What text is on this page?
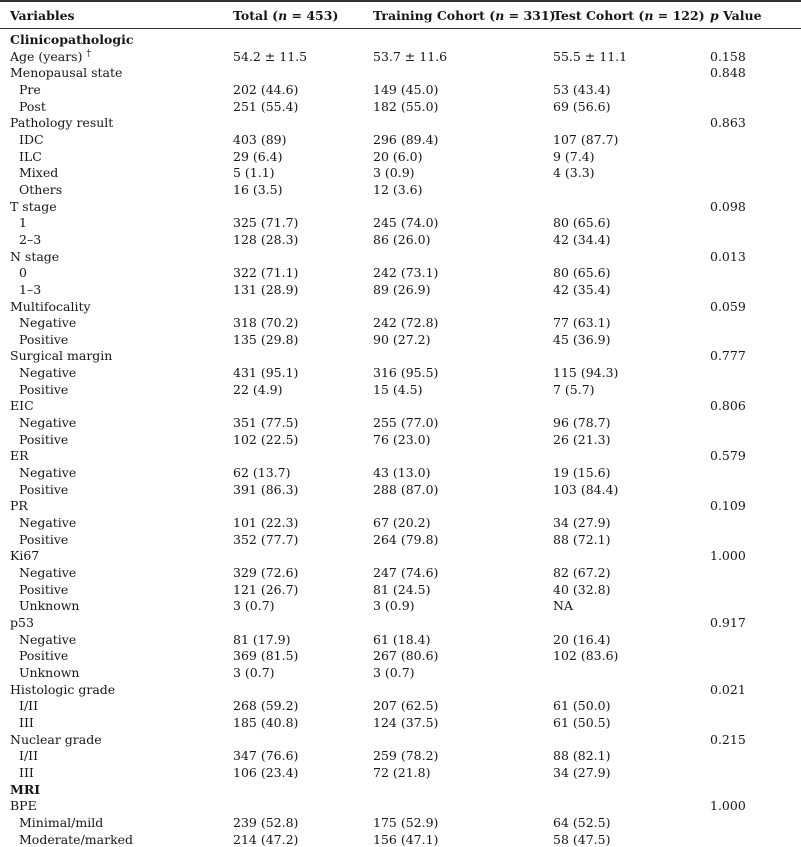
Variables	Total (n = 453)	Training Cohort (n = 331)	Test Cohort (n = 122)	p Value
Clinicopathologic				
Age (years) †	54.2 ± 11.5	53.7 ± 11.6	55.5 ± 11.1	0.158
Menopausal state				0.848
Pre	202 (44.6)	149 (45.0)	53 (43.4)	
Post	251 (55.4)	182 (55.0)	69 (56.6)	
Pathology result				0.863
IDC	403 (89)	296 (89.4)	107 (87.7)	
ILC	29 (6.4)	20 (6.0)	9 (7.4)	
Mixed	5 (1.1)	3 (0.9)	4 (3.3)	
Others	16 (3.5)	12 (3.6)		
T stage				0.098
1	325 (71.7)	245 (74.0)	80 (65.6)	
2–3	128 (28.3)	86 (26.0)	42 (34.4)	
N stage				0.013
0	322 (71.1)	242 (73.1)	80 (65.6)	
1–3	131 (28.9)	89 (26.9)	42 (35.4)	
Multifocality				0.059
Negative	318 (70.2)	242 (72.8)	77 (63.1)	
Positive	135 (29.8)	90 (27.2)	45 (36.9)	
Surgical margin				0.777
Negative	431 (95.1)	316 (95.5)	115 (94.3)	
Positive	22 (4.9)	15 (4.5)	7 (5.7)	
EIC				0.806
Negative	351 (77.5)	255 (77.0)	96 (78.7)	
Positive	102 (22.5)	76 (23.0)	26 (21.3)	
ER				0.579
Negative	62 (13.7)	43 (13.0)	19 (15.6)	
Positive	391 (86.3)	288 (87.0)	103 (84.4)	
PR				0.109
Negative	101 (22.3)	67 (20.2)	34 (27.9)	
Positive	352 (77.7)	264 (79.8)	88 (72.1)	
Ki67				1.000
Negative	329 (72.6)	247 (74.6)	82 (67.2)	
Positive	121 (26.7)	81 (24.5)	40 (32.8)	
Unknown	3 (0.7)	3 (0.9)	NA	
p53				0.917
Negative	81 (17.9)	61 (18.4)	20 (16.4)	
Positive	369 (81.5)	267 (80.6)	102 (83.6)	
Unknown	3 (0.7)	3 (0.7)		
Histologic grade				0.021
I/II	268 (59.2)	207 (62.5)	61 (50.0)	
III	185 (40.8)	124 (37.5)	61 (50.5)	
Nuclear grade				0.215
I/II	347 (76.6)	259 (78.2)	88 (82.1)	
III	106 (23.4)	72 (21.8)	34 (27.9)	
MRI				
BPE				1.000
Minimal/mild	239 (52.8)	175 (52.9)	64 (52.5)	
Moderate/marked	214 (47.2)	156 (47.1)	58 (47.5)	
